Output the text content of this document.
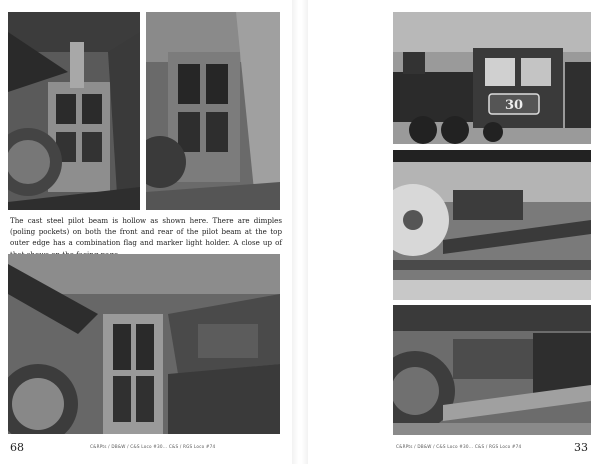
The cast steel pilot beam is hollow as shown here. There are dimples (poling pockets) on both the front and rear of the pilot beam at the top outer edge has a combination flag and marker light holder. A close up of

68	C&RPts / DB&W / C&S Loco #30... C&S / RGS Loco #74
30
C&RPts / DB&W / C&S Loco #30... C&S / RGS Loco #74	33
